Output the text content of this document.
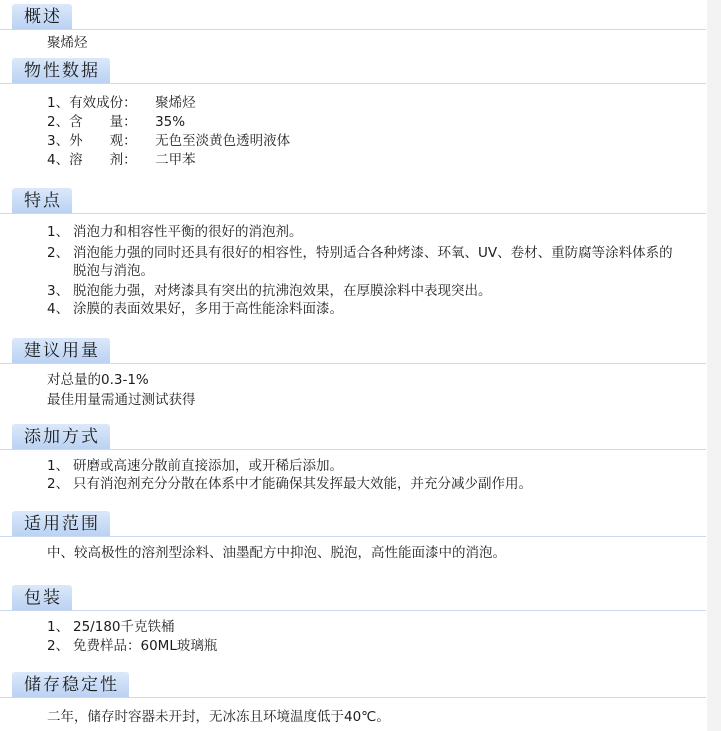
概述
聚烯烃
物性数据
1、有效成份： 聚烯烃
2、含　　量： 35%
3、外　　观： 无色至淡黄色透明液体
4、溶　　剂： 二甲苯
特点
1、 消泡力和相容性平衡的很好的消泡剂。
2、 消泡能力强的同时还具有很好的相容性，特别适合各种烤漆、环氧、UV、卷材、重防腐等涂料体系的脱泡与消泡。
3、 脱泡能力强，对烤漆具有突出的抗沸泡效果，在厚膜涂料中表现突出。
4、 涂膜的表面效果好，多用于高性能涂料面漆。
建议用量
对总量的0.3-1%
最佳用量需通过测试获得
添加方式
1、 研磨或高速分散前直接添加，或开稀后添加。
2、 只有消泡剂充分分散在体系中才能确保其发挥最大效能，并充分减少副作用。
适用范围
中、较高极性的溶剂型涂料、油墨配方中抑泡、脱泡，高性能面漆中的消泡。
包装
1、 25/180千克铁桶
2、 免费样品：60ML玻璃瓶
储存稳定性
二年，储存时容器未开封，无冰冻且环境温度低于40℃。
